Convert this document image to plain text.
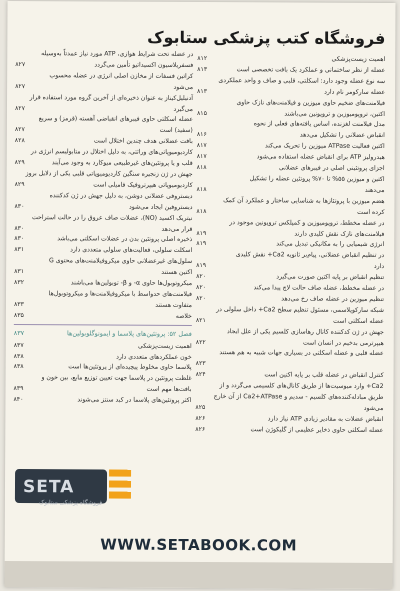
فروشگاه کتب پزشکی ستابوک
اهمیت زیست‌پزشکی
۸۱۲
عضله از نظر ساختمانی و عملکرد یک بافت تخصصی است
۸۱۳
سه نوع عضله وجود دارد: اسکلتی، قلبی و صاف و واحد عملکردی
عضله سارکومر نام دارد
۸۱۳
فیلامنت‌های ضخیم حاوی میوزین و فیلامنت‌های نازک حاوی
اکتین، تروپومیوزین و تروپونین می‌باشند
۸۱۵
مدل فیلامنت لغزنده، اساس یافته‌های فعلی از نحوه
انقباض عضلانی را تشکیل می‌دهد
۸۱۶
اکتین فعالیت ATPase میوزین را تحریک می‌کند
۸۱۷
هیدرولیز ATP برای انقباض عضله استفاده می‌شود
۸۱۷
اجزای پروتئینی اصلی در فیبرهای عضلانی
۸۱۸
اکتین و میوزین ۵۵% تا ۷۰% پروتئین عضله را تشکیل
می‌دهند
۸۱۸
هضم میوزین با پروتئازها به شناسایی ساختار و عملکرد آن کمک
کرده است
۸۱۸
در عضله مخطط، تروپومیوزین و کمپلکس تروپونین موجود در
فیلامنت‌های نازک نقش کلیدی دارند
۸۱۹
انرژی شیمیایی را به مکانیکی تبدیل می‌کند
۸۱۹
در تنظیم انقباض عضلانی، پیام‌بر ثانویه Ca2+ نقش کلیدی
دارد
۸۱۹
تنظیم انقباض بر پایه اکتین صورت می‌گیرد
۸۲۰
در عضله مخطط، عضله صاف حالت لاچ پیدا می‌کند
۸۲۰
تنظیم میوزین در عضله صاف رخ می‌دهد
۸۲۰
شبکه سارکوپلاسمی، مسئول تنظیم سطح Ca2+ داخل سلولی در
عضله اسکلتی است
۸۲۱
جهش در ژن کدکننده کانال رهاسازی کلسیم یکی از علل ایجاد
هیپرترمی بدخیم در انسان است
۸۲۲
عضله قلبی و عضله اسکلتی در بسیاری جهات شبیه به هم هستند
۸۲۳
کنترل انقباض در عضله قلب بر پایه اکتین است
۸۲۴
Ca2+ وارد میوسیت‌ها از طریق کانال‌های کلسیمی می‌گردد و از
طریق مبادله‌کننده‌های کلسیم - سدیم و Ca2+ATPase از آن خارج
می‌شود
۸۲۵
انقباض عضلات به مقادیر زیادی ATP نیاز دارد
۸۲۶
عضله اسکلتی حاوی ذخایر عظیمی از گلیکوژن است
۸۲۶
در عضله تحت شرایط هوازی، ATP مورد نیاز عمدتاً به‌وسیله
فسفریلاسیون اکسیداتیو تأمین می‌گردد
۸۲۷
کراتین فسفات از مخازن اصلی انرژی در عضله محسوب
می‌شود
۸۲۷
آدنیلیل‌کیناز به عنوان ذخیره‌ای از آخرین گروه مورد استفاده قرار
می‌گیرد
۸۲۷
عضله اسکلتی حاوی فیبرهای انقباضی آهسته (قرمز) و سریع
(سفید) است
۸۲۷
بافت عضلانی هدف چندین اختلال است
۸۲۸
کاردیومیوپاتی‌های وراثتی، به دلیل اختلال در متابولیسم انرژی در
قلب و یا پروتئین‌های غیرطبیعی میوکارد به وجود می‌آیند
۸۲۹
جهش در ژن زنجیره سنگین کاردیومیوپاتی قلبی یکی از دلایل بروز
کاردیومیوپاتی هیپرتروفیک فامیلی است
۸۲۹
دیستروفی عضلانی دوشن، به دلیل جهش در ژن کدکننده
دیستروفین ایجاد می‌شود
۸۳۰
نیتریک اکسید (NO)، عضلات صاف عروق را در حالت استراحت
قرار می‌دهد
۸۳۰
ذخیره اصلی پروتئین بدن در عضلات اسکلتی می‌باشد
۸۳۰
اسکلت سلولی، فعالیت‌های سلولی متعددی دارد
۸۳۱
سلول‌های غیرعضلانی حاوی میکروفیلامنت‌های محتوی G
اکتین هستند
۸۳۱
میکروتوبول‌ها حاوی α- و β- توبولین‌ها می‌باشند
۸۳۲
فیلامنت‌های حدواسط با میکروفیلامنت‌ها و میکروتوبول‌ها
متفاوت هستند
۸۳۳
خلاصه
۸۳۵
فصل ۵۲: پروتئین‌های پلاسما و ایمونوگلوبولین‌ها
۸۳۷
اهمیت زیست‌پزشکی
۸۳۷
خون عملکردهای متعددی دارد
۸۳۸
پلاسما حاوی مخلوط پیچیده‌ای از پروتئین‌ها است
۸۳۸
غلظت پروتئین در پلاسما جهت تعیین توزیع مایع، بین خون و
بافت‌ها مهم است
۸۳۹
اکثر پروتئین‌های پلاسما در کبد سنتز می‌شوند
۸۴۰
SETA
فروشگاه پزشکی ستابوک
WWW.SETABOOK.COM
